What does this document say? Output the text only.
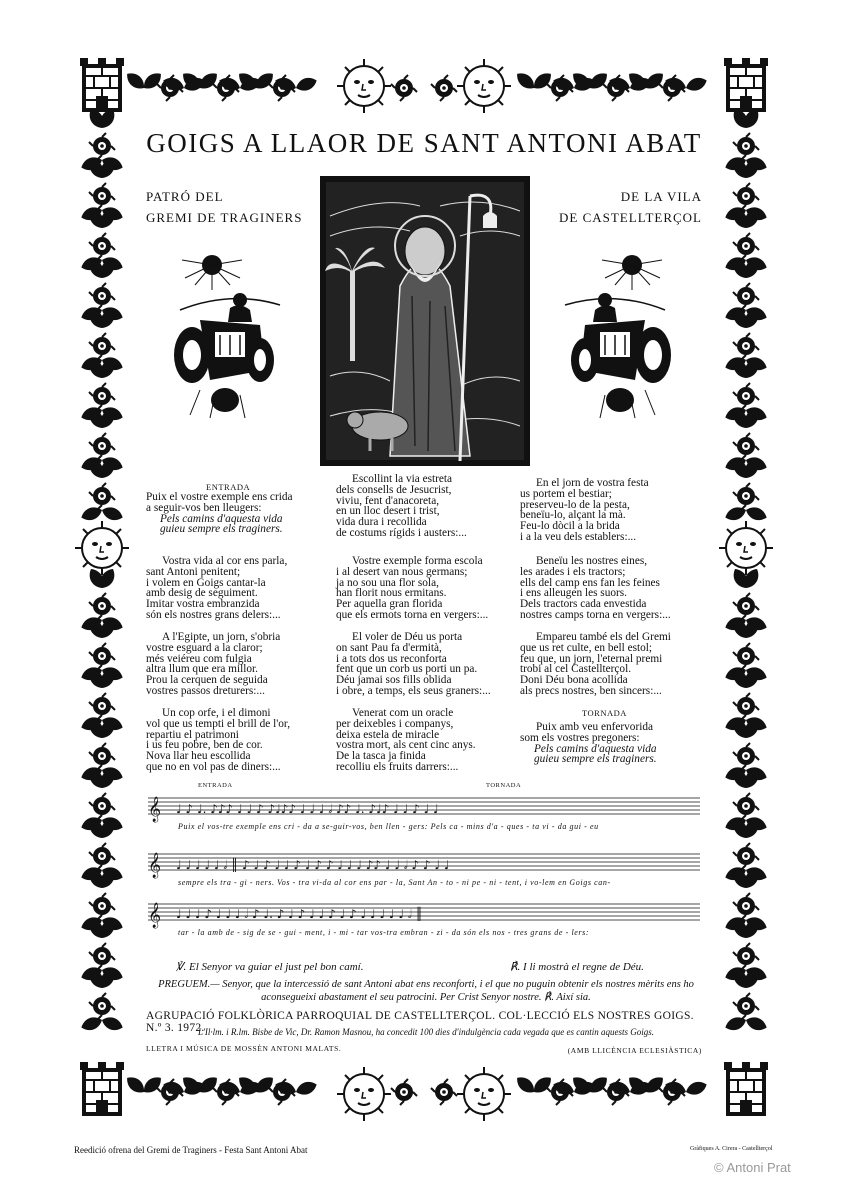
GOIGS A LLAOR DE SANT ANTONI ABAT
PATRÓ DEL
GREMI DE TRAGINERS
DE LA VILA
DE CASTELLTERÇOL
ENTRADA
Puix el vostre exemple ens crida
a seguir-vos ben lleugers:
Pels camins d'aquesta vida
guieu sempre els traginers.
Vostra vida al cor ens parla,
sant Antoni penitent;
i volem en Goigs cantar-la
amb desig de seguiment.
Imitar vostra embranzida
són els nostres grans delers:...
A l'Egipte, un jorn, s'obria
vostre esguard a la claror;
més veiéreu com fulgia
altra llum que era millor.
Prou la cerquen de seguida
vostres passos dreturers:...
Un cop orfe, i el dimoni
vol que us tempti el brill de l'or,
repartiu el patrimoni
i us feu pobre, ben de cor.
Nova llar heu escollida
que no en vol pas de diners:...
Escollint la via estreta
dels consells de Jesucrist,
viviu, fent d'anacoreta,
en un lloc desert i trist,
vida dura i recollida
de costums rígids i austers:...
Vostre exemple forma escola
i al desert van nous germans;
ja no sou una flor sola,
han florit nous ermitans.
Per aquella gran florida
que els ermots torna en vergers:...
El voler de Déu us porta
on sant Pau fa d'ermità,
i a tots dos us reconforta
fent que un corb us porti un pa.
Déu jamai sos fills oblida
i obre, a temps, els seus graners:...
Venerat com un oracle
per deixebles i companys,
deixa estela de miracle
vostra mort, als cent cinc anys.
De la tasca ja finida
recolliu els fruits darrers:...
En el jorn de vostra festa
us portem el bestiar;
preserveu-lo de la pesta,
beneïu-lo, alçant la mà.
Feu-lo dòcil a la brida
i a la veu dels establers:...
Beneïu les nostres eines,
les arades i els tractors;
ells del camp ens fan les feines
i ens alleugen les suors.
Dels tractors cada envestida
nostres camps torna en vergers:...
Empareu també els del Gremi
que us ret culte, en bell estol;
feu que, un jorn, l'eternal premi
trobi al cel Castellterçol.
Doni Déu bona acollida
als precs nostres, ben sincers:...
TORNADA
Puix amb veu enfervorida
som els vostres pregoners:
Pels camins d'aquesta vida
guieu sempre els traginers.
ENTRADA	TORNADA
𝄞
𝄞
𝄞
♩ ♪ ♩. ♪♪♪ ♩ ♩ ♪ ♪♩♪♪ ♩ ♩ ♩ 𝅗𝅥 ♪♪ ♩. ♪♩♪ ♩ ♩ ♪ ♩ ♩
♩ ♩ ♩ ♩ ♩ 𝅗𝅥 ║ ♪ ♩ ♪ ♩ ♩ ♪ ♩ ♪ ♪ ♩ ♩ ♩ ♪♪ ♩ ♩ 𝅗𝅥 ♪ ♪ ♩ ♩
♩ ♩ ♩ ♪ ♩ ♩ ♩ 𝅗𝅥 ♪ ♩. ♪ ♩ ♪ ♩ ♩ ♪ ♩ ♪ ♩ ♩ ♩ ♩ ♩ 𝅗𝅥 ║
Puix el vos-tre exemple ens cri - da a se-guir-vos, ben llen - gers: Pels ca - mins d'a - ques - ta vi - da gui - eu
sempre els tra - gi - ners. Vos - tra vi-da al cor ens par - la, Sant An - to - ni pe - ni - tent, i vo-lem en Goigs can-
tar - la amb de - sig de se - gui - ment, i - mi - tar vos-tra embran - zi - da són els nos - tres grans de - lers:
℣. El Senyor va guiar el just pel bon camí.	℟. I li mostrà el regne de Déu.
PREGUEM.— Senyor, que la intercessió de sant Antoni abat ens reconforti, i el que no puguin obtenir els nostres mèrits ens ho aconsegueixi abastament el seu patrocini. Per Crist Senyor nostre. ℟. Així sia.
AGRUPACIÓ FOLKLÒRICA PARROQUIAL DE CASTELLTERÇOL. COL·LECCIÓ ELS NOSTRES GOIGS. N.º 3. 1972.
L'Il·lm. i R.lm. Bisbe de Vic, Dr. Ramon Masnou, ha concedit 100 dies d'indulgència cada vegada que es cantin aquests Goigs.
LLETRA I MÚSICA DE MOSSÈN ANTONI MALATS.	(AMB LLICÈNCIA ECLESIÀSTICA)
Reedició ofrena del Gremi de Traginers - Festa Sant Antoni Abat	Gràfiques A. Cirera - Castellterçol
© Antoni Prat
